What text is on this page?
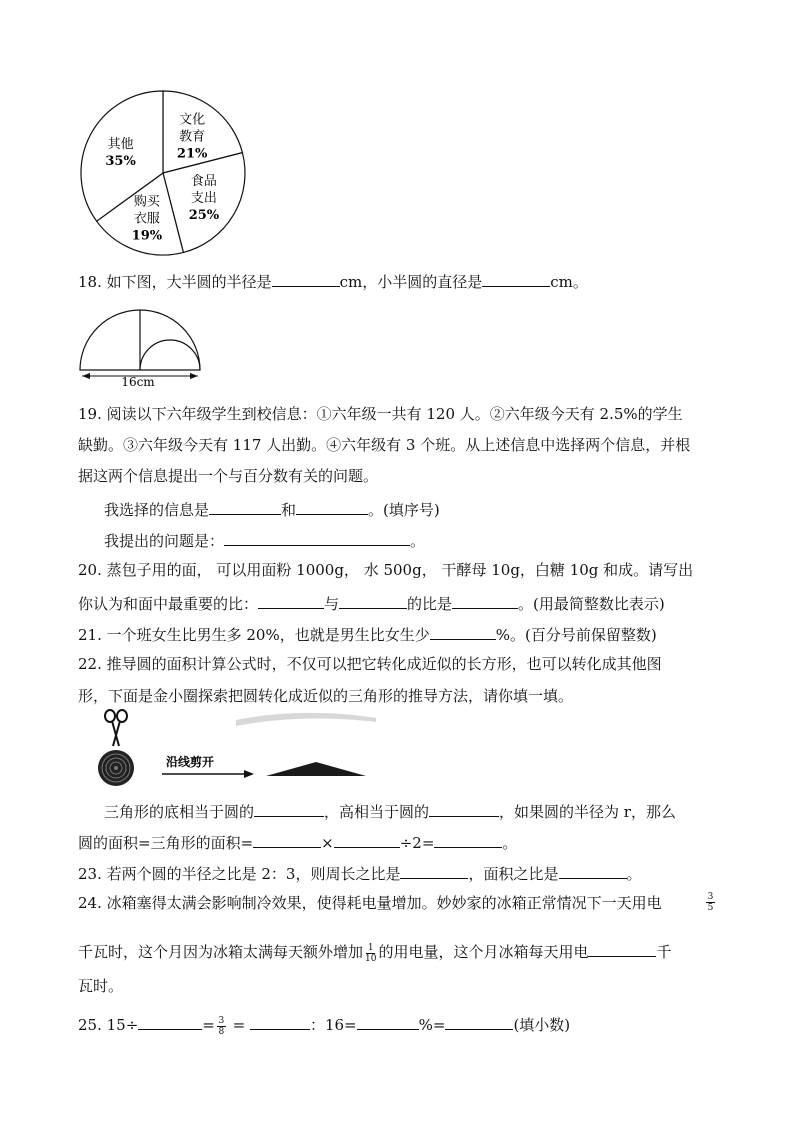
文化
教育
21%
食品
支出
25%
购买
衣服
19%
其他
35%
18. 如下图，大半圆的半径是	cm，小半圆的直径是	cm。
16cm
19. 阅读以下六年级学生到校信息：①六年级一共有 120 人。②六年级今天有 2.5%的学生
缺勤。③六年级今天有 117 人出勤。④六年级有 3 个班。从上述信息中选择两个信息，并根
据这两个信息提出一个与百分数有关的问题。
我选择的信息是	和	。(填序号)
我提出的问题是：	。
20. 蒸包子用的面， 可以用面粉 1000g， 水 500g， 干酵母 10g，白糖 10g 和成。请写出
你认为和面中最重要的比：	与	的比是	。(用最简整数比表示)
21. 一个班女生比男生多 20%，也就是男生比女生少	%。(百分号前保留整数)
22. 推导圆的面积计算公式时，不仅可以把它转化成近似的长方形，也可以转化成其他图
形，下面是金小圈探索把圆转化成近似的三角形的推导方法，请你填一填。
沿线剪开
三角形的底相当于圆的	，高相当于圆的	，如果圆的半径为 r，那么
圆的面积=三角形的面积=	×	÷2=	。
23. 若两个圆的半径之比是 2：3，则周长之比是	，面积之比是	。
24. 冰箱塞得太满会影响制冷效果，使得耗电量增加。妙妙家的冰箱正常情况下一天用电	3
5
千瓦时，这个月因为冰箱太满每天额外增加 $\frac{1}{10}$ 的用电量，这个月冰箱每天用电	千
瓦时。
25. 15÷	= $\frac{3}{8}$ =	：16=	%=	(填小数)
